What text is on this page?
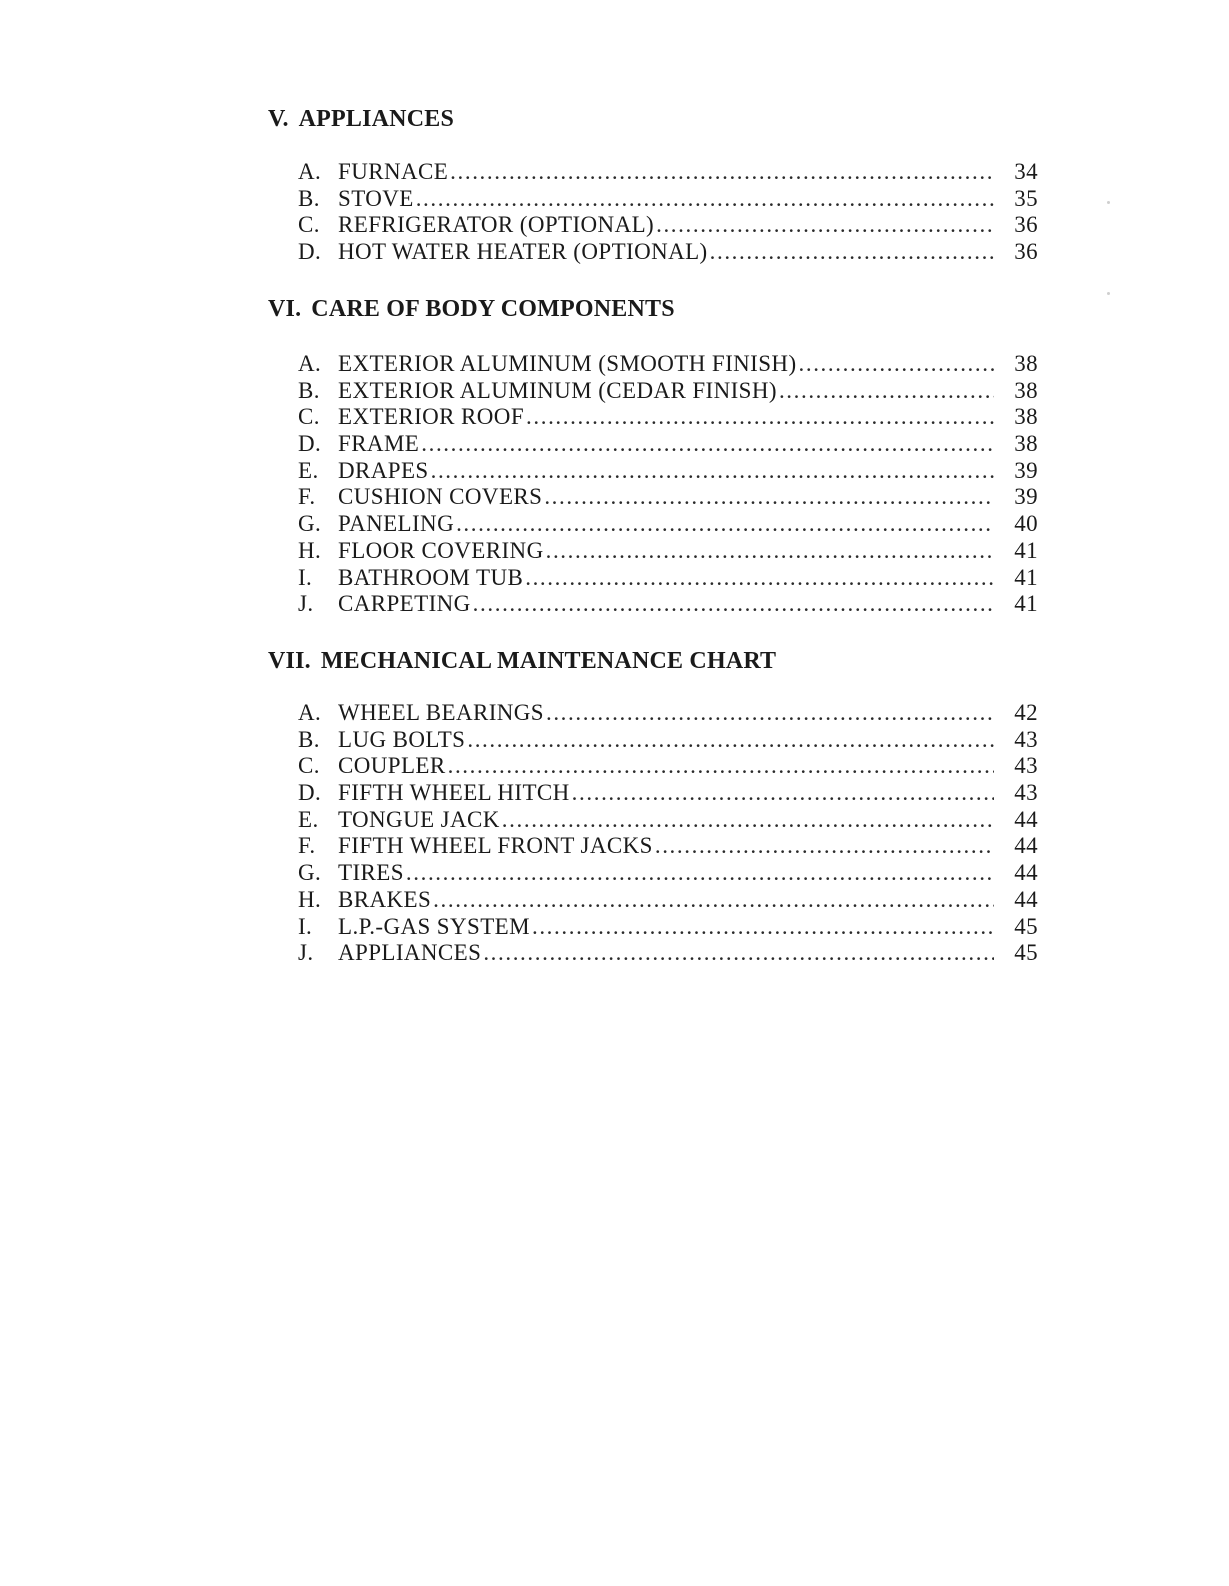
V. APPLIANCES
A. FURNACE .....	34
B. STOVE .....	35
C. REFRIGERATOR (OPTIONAL) .....	36
D. HOT WATER HEATER (OPTIONAL) .....	36
VI. CARE OF BODY COMPONENTS
A. EXTERIOR ALUMINUM (SMOOTH FINISH) .....	38
B. EXTERIOR ALUMINUM (CEDAR FINISH) .....	38
C. EXTERIOR ROOF .....	38
D. FRAME .....	38
E. DRAPES .....	39
F. CUSHION COVERS .....	39
G. PANELING .....	40
H. FLOOR COVERING .....	41
I.	BATHROOM TUB .....	41
J.	CARPETING .....	41
VII. MECHANICAL MAINTENANCE CHART
A. WHEEL BEARINGS .....	42
B. LUG BOLTS .....	43
C. COUPLER .....	43
D. FIFTH WHEEL HITCH .....	43
E. TONGUE JACK .....	44
F. FIFTH WHEEL FRONT JACKS .....	44
G. TIRES .....	44
H. BRAKES .....	44
I.	L.P.-GAS SYSTEM .....	45
J.	APPLIANCES .....	45
